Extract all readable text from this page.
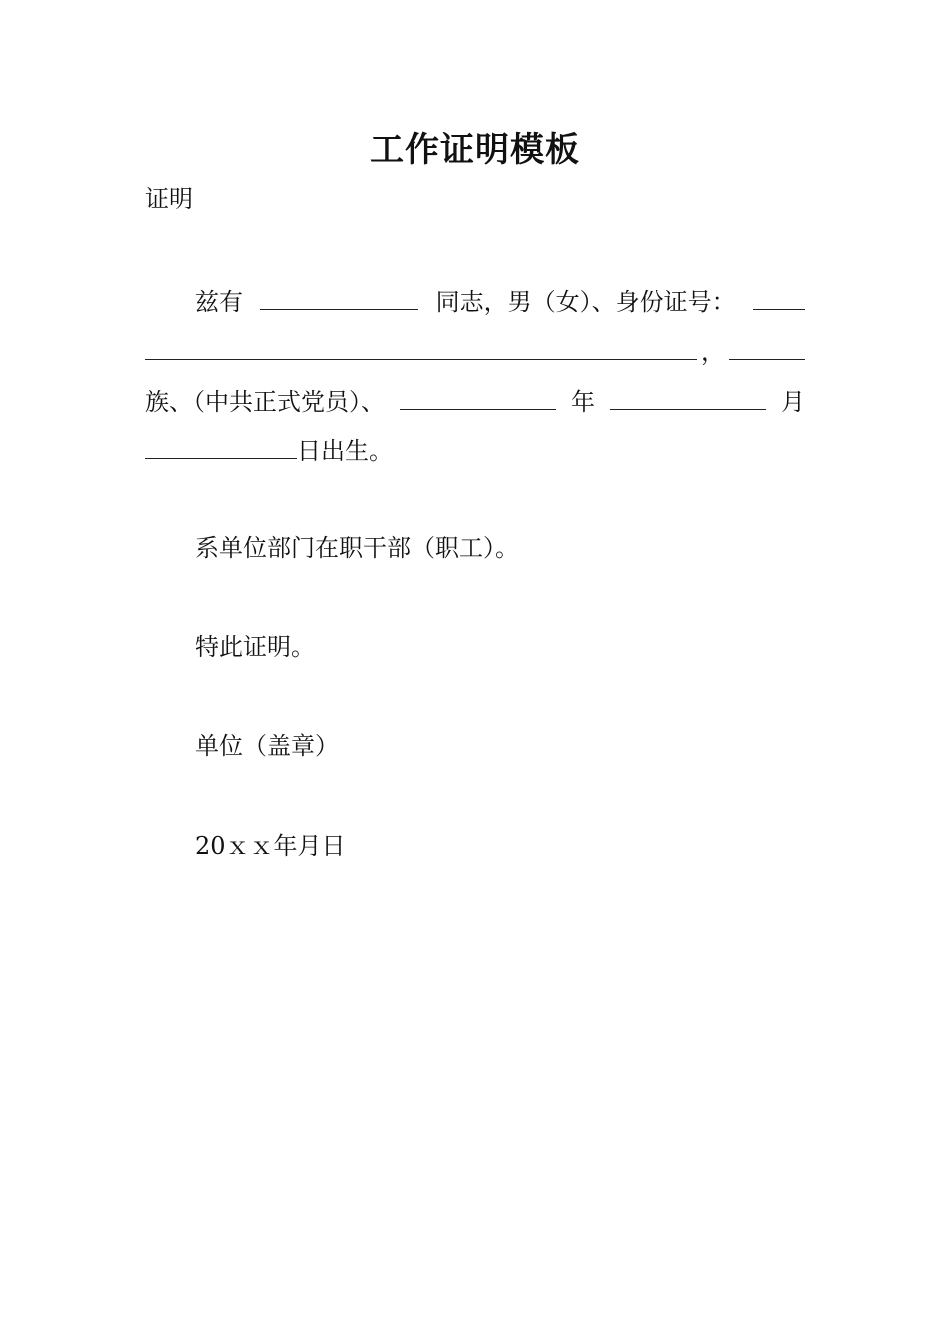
工作证明模板
证明
兹有	同志，男（女）、身份证号：
，
族、（中共正式党员）、	年	月
日出生。
系单位部门在职干部（职工）。
特此证明。
单位（盖章）
20ｘｘ年月日
